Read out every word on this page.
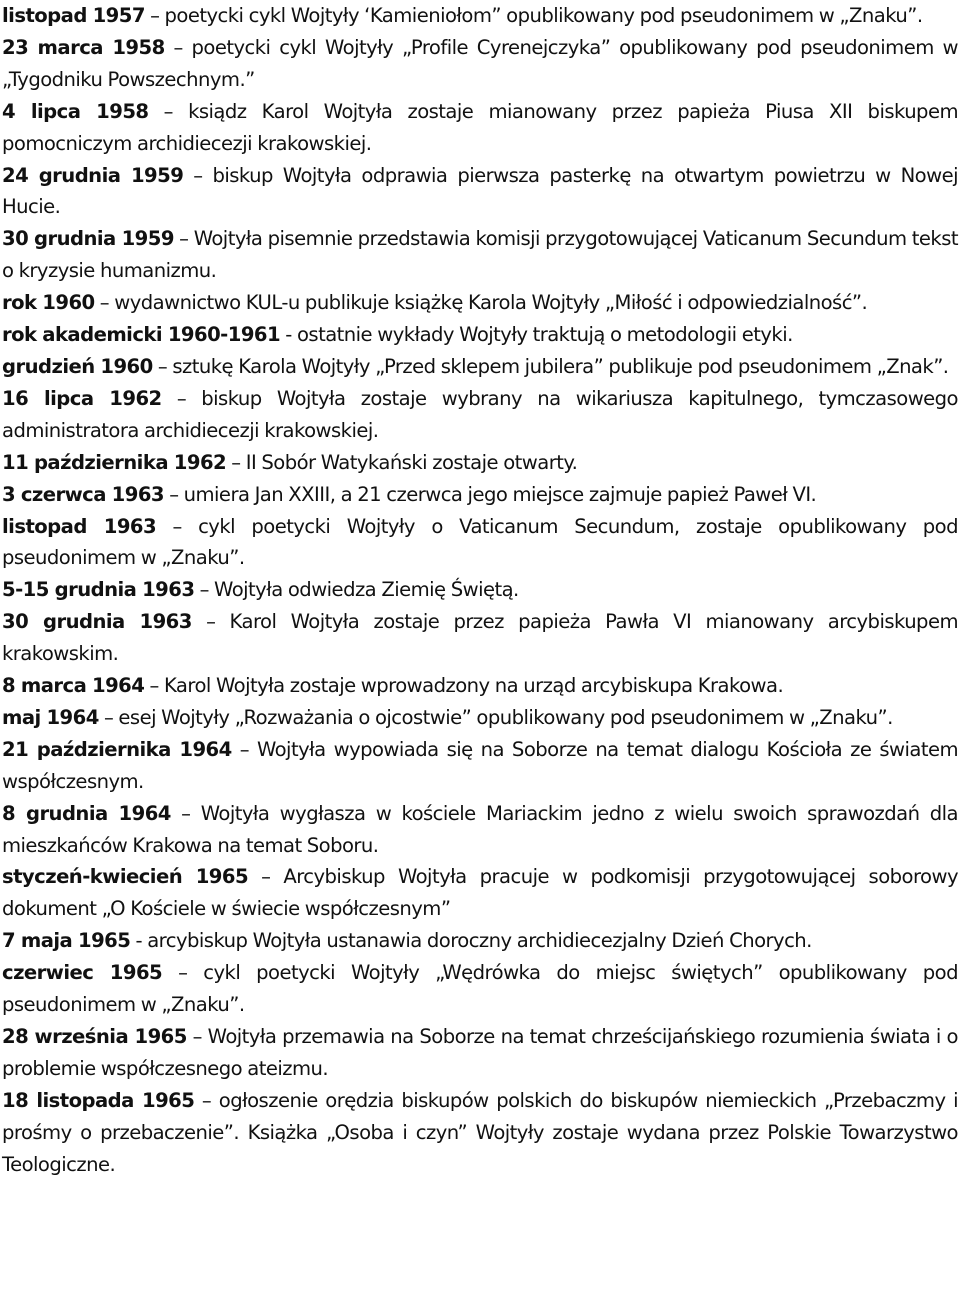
listopad 1957 – poetycki cykl Wojtyły ‘Kamieniołom” opublikowany pod pseudonimem w „Znaku”.

23 marca 1958 – poetycki cykl Wojtyły „Profile Cyrenejczyka” opublikowany pod pseudonimem w „Tygodniku Powszechnym.”

4 lipca 1958 – ksiądz Karol Wojtyła zostaje mianowany przez papieża Piusa XII biskupem pomocniczym archidiecezji krakowskiej.

24 grudnia 1959 – biskup Wojtyła odprawia pierwsza pasterkę na otwartym powietrzu w Nowej Hucie.

30 grudnia 1959 – Wojtyła pisemnie przedstawia komisji przygotowującej Vaticanum Secundum tekst o kryzysie humanizmu.

rok 1960 – wydawnictwo KUL-u publikuje książkę Karola Wojtyły „Miłość i odpowiedzialność”.

rok akademicki 1960-1961 - ostatnie wykłady Wojtyły traktują o metodologii etyki.

grudzień 1960 – sztukę Karola Wojtyły „Przed sklepem jubilera” publikuje pod pseudonimem „Znak”.

16 lipca 1962 – biskup Wojtyła zostaje wybrany na wikariusza kapitulnego, tymczasowego administratora archidiecezji krakowskiej.

11 października 1962 – II Sobór Watykański zostaje otwarty.

3 czerwca 1963 – umiera Jan XXIII, a 21 czerwca jego miejsce zajmuje papież Paweł VI.

listopad 1963 – cykl poetycki Wojtyły o Vaticanum Secundum, zostaje opublikowany pod pseudonimem w „Znaku”.

5-15 grudnia 1963 – Wojtyła odwiedza Ziemię Świętą.

30 grudnia 1963 – Karol Wojtyła zostaje przez papieża Pawła VI mianowany arcybiskupem krakowskim.

8 marca 1964 – Karol Wojtyła zostaje wprowadzony na urząd arcybiskupa Krakowa.

maj 1964 – esej Wojtyły „Rozważania o ojcostwie” opublikowany pod pseudonimem w „Znaku”.

21 października 1964 – Wojtyła wypowiada się na Soborze na temat dialogu Kościoła ze światem współczesnym.

8 grudnia 1964 – Wojtyła wygłasza w kościele Mariackim jedno z wielu swoich sprawozdań dla mieszkańców Krakowa na temat Soboru.

styczeń-kwiecień 1965 – Arcybiskup Wojtyła pracuje w podkomisji przygotowującej soborowy dokument „O Kościele w świecie współczesnym”

7 maja 1965 - arcybiskup Wojtyła ustanawia doroczny archidiecezjalny Dzień Chorych.

czerwiec 1965 – cykl poetycki Wojtyły „Wędrówka do miejsc świętych” opublikowany pod pseudonimem w „Znaku”.

28 września 1965 – Wojtyła przemawia na Soborze na temat chrześcijańskiego rozumienia świata i o problemie współczesnego ateizmu.

18 listopada 1965 – ogłoszenie orędzia biskupów polskich do biskupów niemieckich „Przebaczmy i prośmy o przebaczenie”. Książka „Osoba i czyn” Wojtyły zostaje wydana przez Polskie Towarzystwo Teologiczne.
